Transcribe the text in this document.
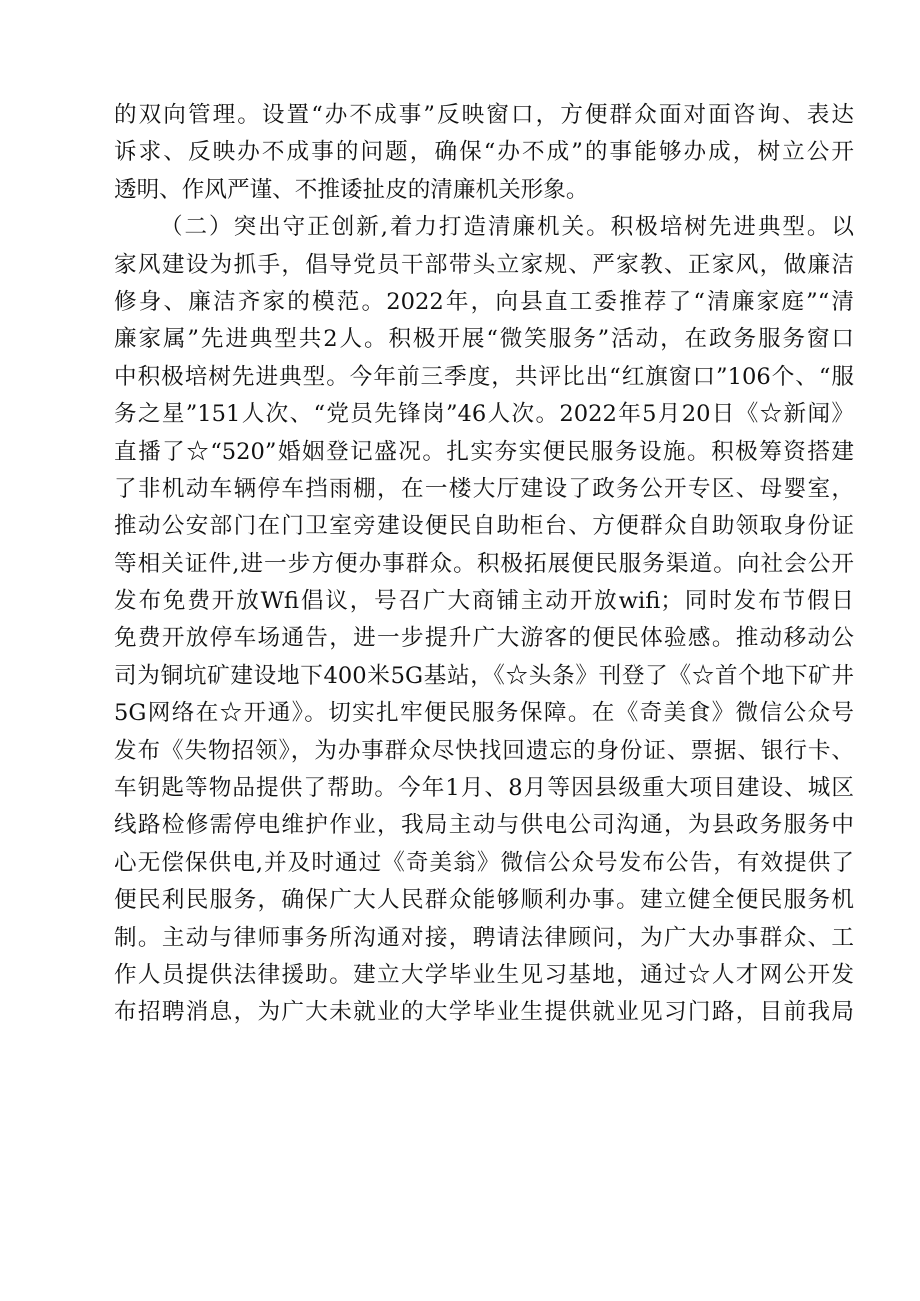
的双向管理。设置“办不成事”反映窗口，方便群众面对面咨询、表达
诉求、反映办不成事的问题，确保“办不成”的事能够办成，树立公开
透明、作风严谨、不推诿扯皮的清廉机关形象。
（二）突出守正创新,着力打造清廉机关。积极培树先进典型。以
家风建设为抓手，倡导党员干部带头立家规、严家教、正家风，做廉洁
修身、廉洁齐家的模范。2022年，向县直工委推荐了“清廉家庭”“清
廉家属”先进典型共2人。积极开展“微笑服务”活动，在政务服务窗口
中积极培树先进典型。今年前三季度，共评比出“红旗窗口”106个、“服
务之星”151人次、“党员先锋岗”46人次。2022年5月20日《☆新闻》
直播了☆“520”婚姻登记盛况。扎实夯实便民服务设施。积极筹资搭建
了非机动车辆停车挡雨棚，在一楼大厅建设了政务公开专区、母婴室，
推动公安部门在门卫室旁建设便民自助柜台、方便群众自助领取身份证
等相关证件,进一步方便办事群众。积极拓展便民服务渠道。向社会公开
发布免费开放Wfi倡议，号召广大商铺主动开放wifi；同时发布节假日
免费开放停车场通告，进一步提升广大游客的便民体验感。推动移动公
司为铜坑矿建设地下400米5G基站，《☆头条》刊登了《☆首个地下矿井
5G网络在☆开通》。切实扎牢便民服务保障。在《奇美食》微信公众号
发布《失物招领》，为办事群众尽快找回遗忘的身份证、票据、银行卡、
车钥匙等物品提供了帮助。今年1月、8月等因县级重大项目建设、城区
线路检修需停电维护作业，我局主动与供电公司沟通，为县政务服务中
心无偿保供电,并及时通过《奇美翁》微信公众号发布公告，有效提供了
便民利民服务，确保广大人民群众能够顺利办事。建立健全便民服务机
制。主动与律师事务所沟通对接，聘请法律顾问，为广大办事群众、工
作人员提供法律援助。建立大学毕业生见习基地，通过☆人才网公开发
布招聘消息，为广大未就业的大学毕业生提供就业见习门路，目前我局
